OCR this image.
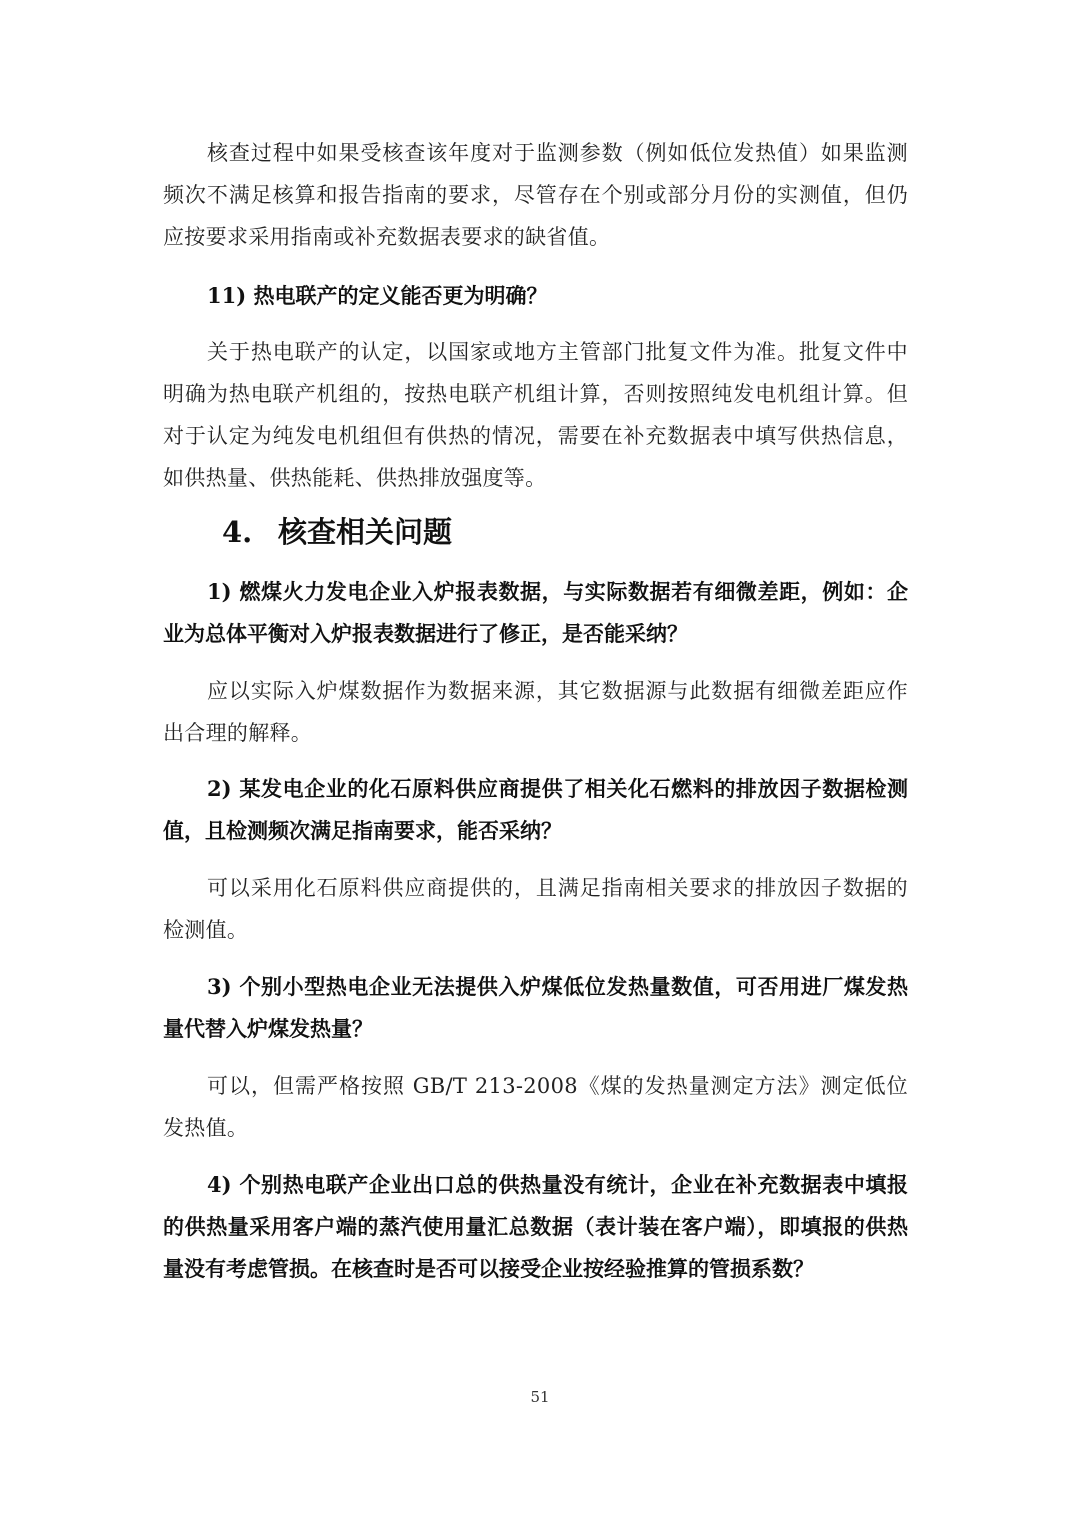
核查过程中如果受核查该年度对于监测参数（例如低位发热值）如果监测频次不满足核算和报告指南的要求，尽管存在个别或部分月份的实测值，但仍应按要求采用指南或补充数据表要求的缺省值。

11) 热电联产的定义能否更为明确？

关于热电联产的认定，以国家或地方主管部门批复文件为准。批复文件中明确为热电联产机组的，按热电联产机组计算，否则按照纯发电机组计算。但对于认定为纯发电机组但有供热的情况，需要在补充数据表中填写供热信息，如供热量、供热能耗、供热排放强度等。

4. 核查相关问题

1) 燃煤火力发电企业入炉报表数据，与实际数据若有细微差距，例如：企业为总体平衡对入炉报表数据进行了修正，是否能采纳？

应以实际入炉煤数据作为数据来源，其它数据源与此数据有细微差距应作出合理的解释。

2) 某发电企业的化石原料供应商提供了相关化石燃料的排放因子数据检测值，且检测频次满足指南要求，能否采纳？

可以采用化石原料供应商提供的，且满足指南相关要求的排放因子数据的检测值。

3) 个别小型热电企业无法提供入炉煤低位发热量数值，可否用进厂煤发热量代替入炉煤发热量？

可以，但需严格按照 GB/T 213-2008《煤的发热量测定方法》测定低位发热值。

4) 个别热电联产企业出口总的供热量没有统计，企业在补充数据表中填报的供热量采用客户端的蒸汽使用量汇总数据（表计装在客户端），即填报的供热量没有考虑管损。在核查时是否可以接受企业按经验推算的管损系数？

51
